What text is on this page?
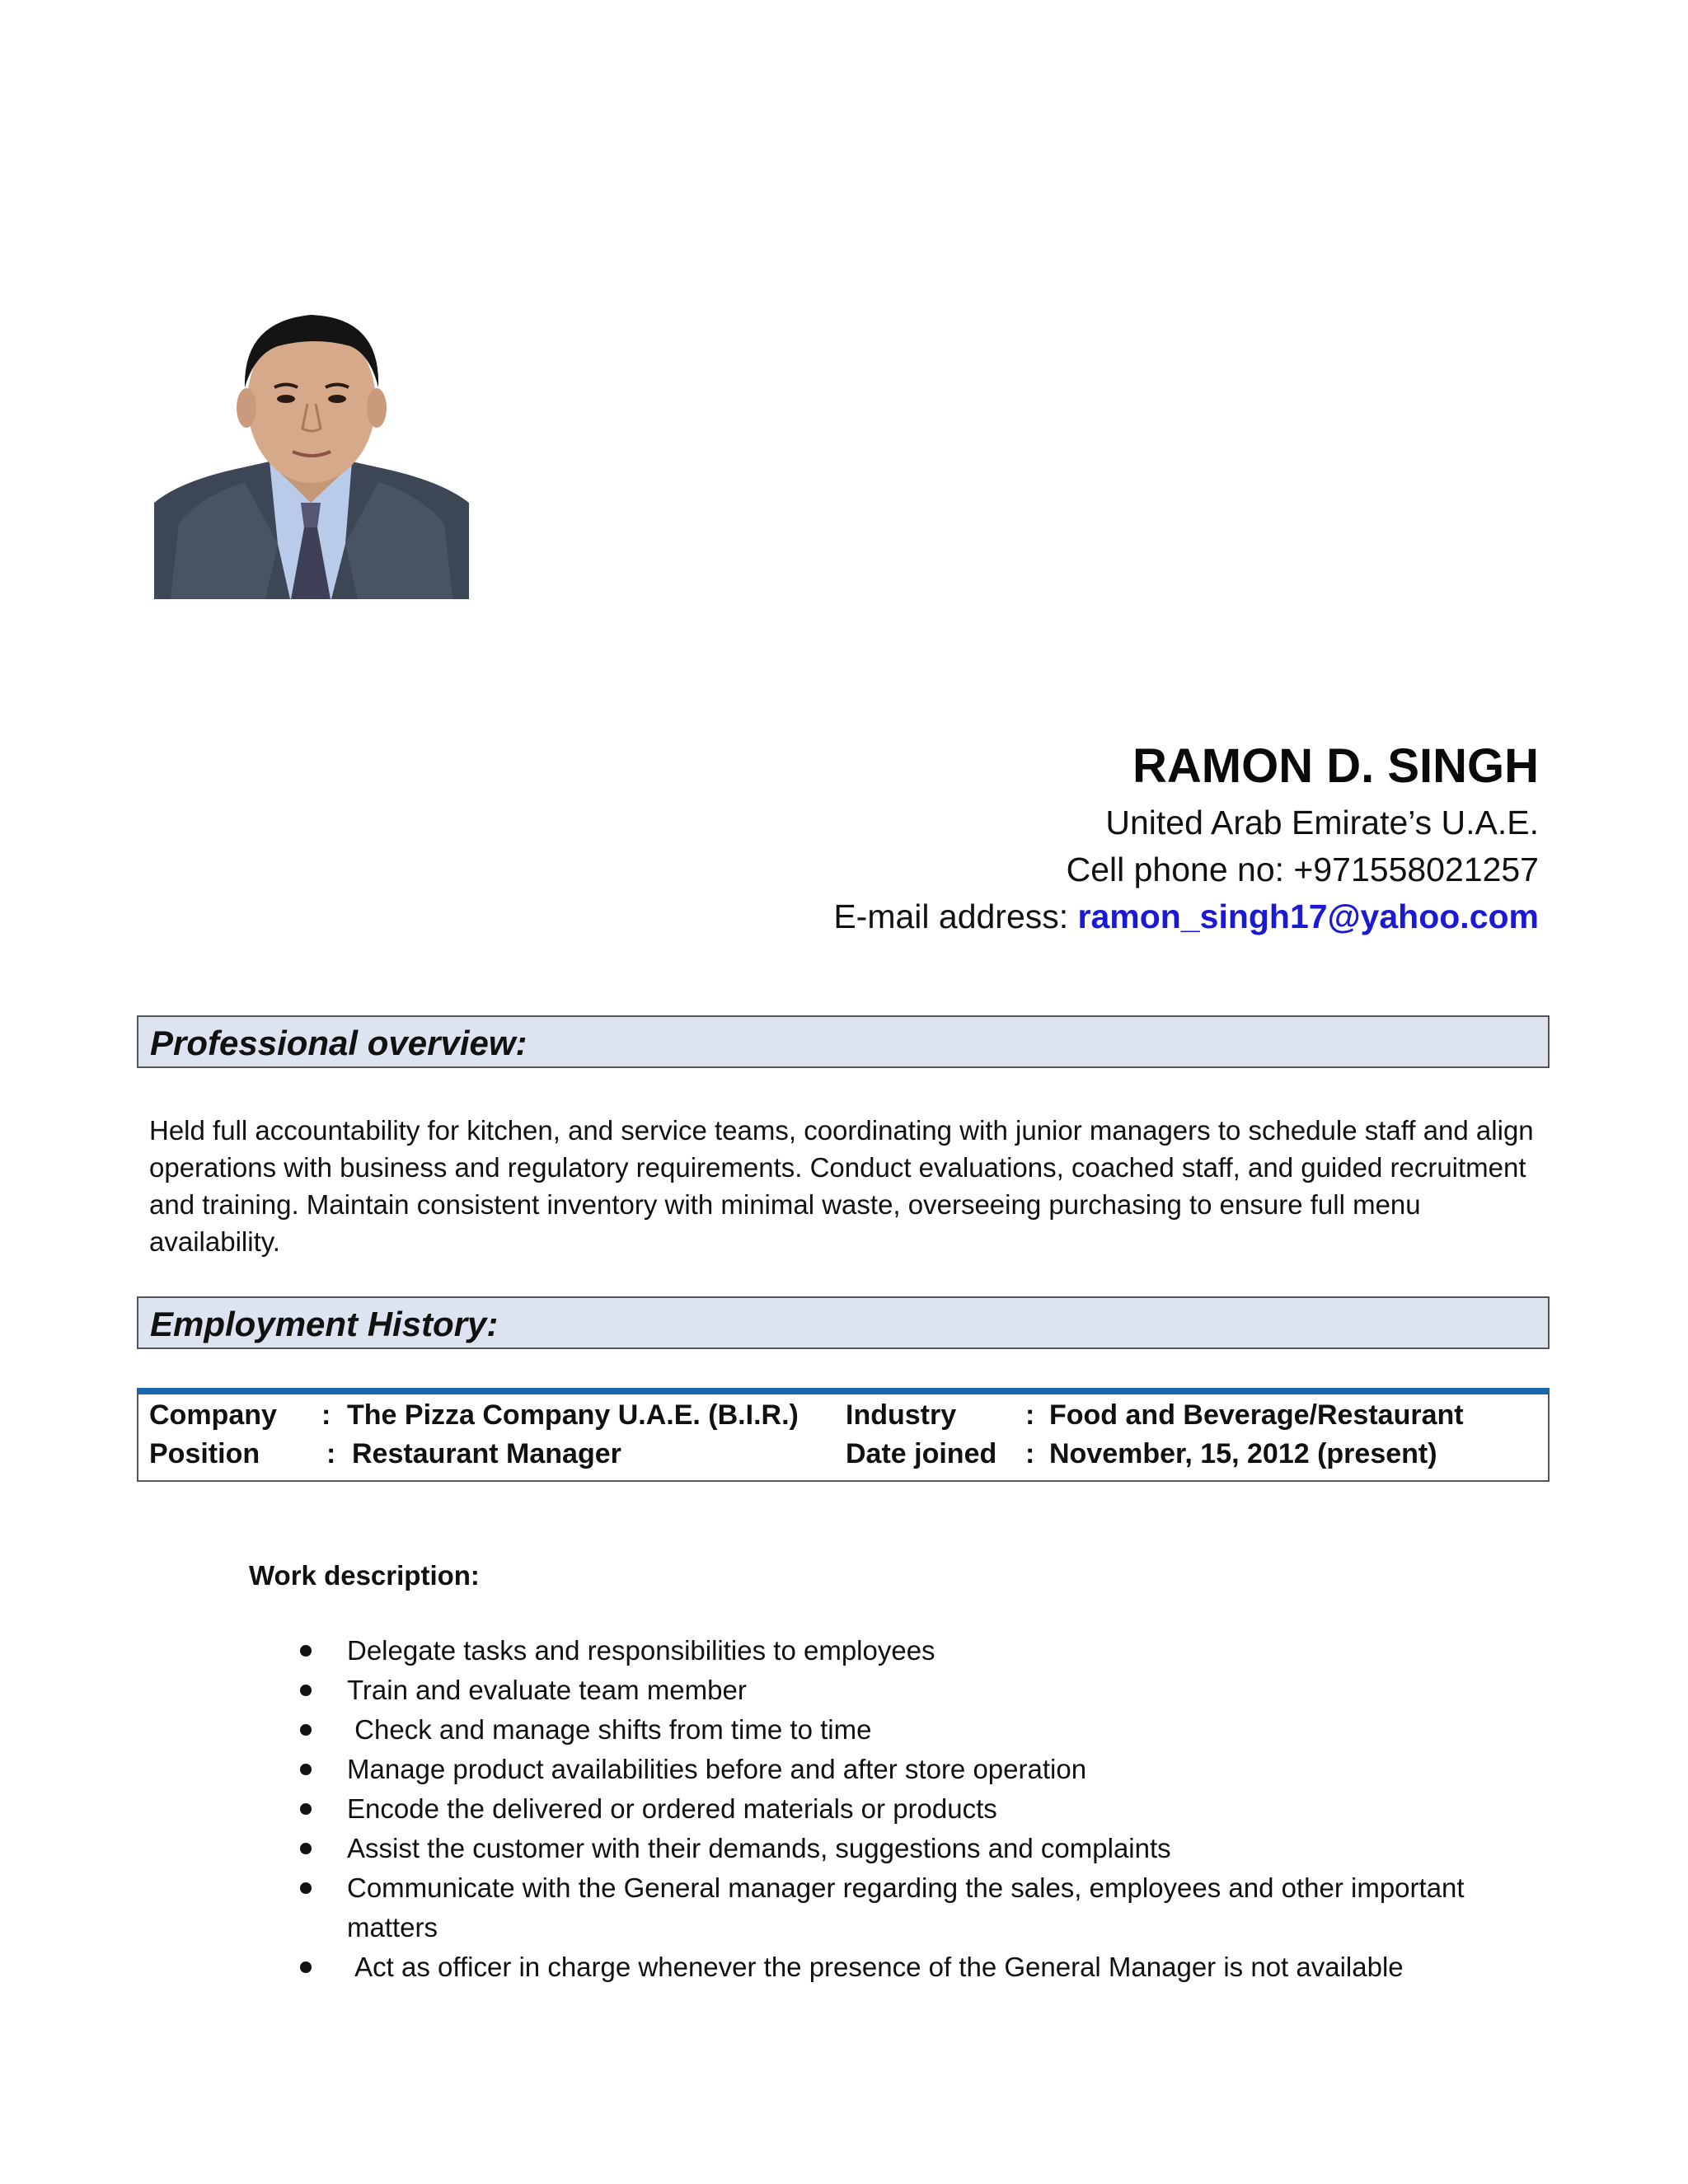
RAMON D. SINGH
United Arab Emirate’s U.A.E.
Cell phone no: +971558021257
E-mail address: ramon_singh17@yahoo.com
Professional overview:
Held full accountability for kitchen, and service teams, coordinating with junior managers to schedule staff and align operations with business and regulatory requirements. Conduct evaluations, coached staff, and guided recruitment and training. Maintain consistent inventory with minimal waste, overseeing purchasing to ensure full menu availability.
Employment History:
Company : The Pizza Company U.A.E. (B.I.R.) Industry : Food and Beverage/Restaurant
Position : Restaurant Manager	Date joined : November, 15, 2012 (present)
Work description:
Delegate tasks and responsibilities to employees
Train and evaluate team member
Check and manage shifts from time to time
Manage product availabilities before and after store operation
Encode the delivered or ordered materials or products
Assist the customer with their demands, suggestions and complaints
Communicate with the General manager regarding the sales, employees and other important matters
Act as officer in charge whenever the presence of the General Manager is not available
